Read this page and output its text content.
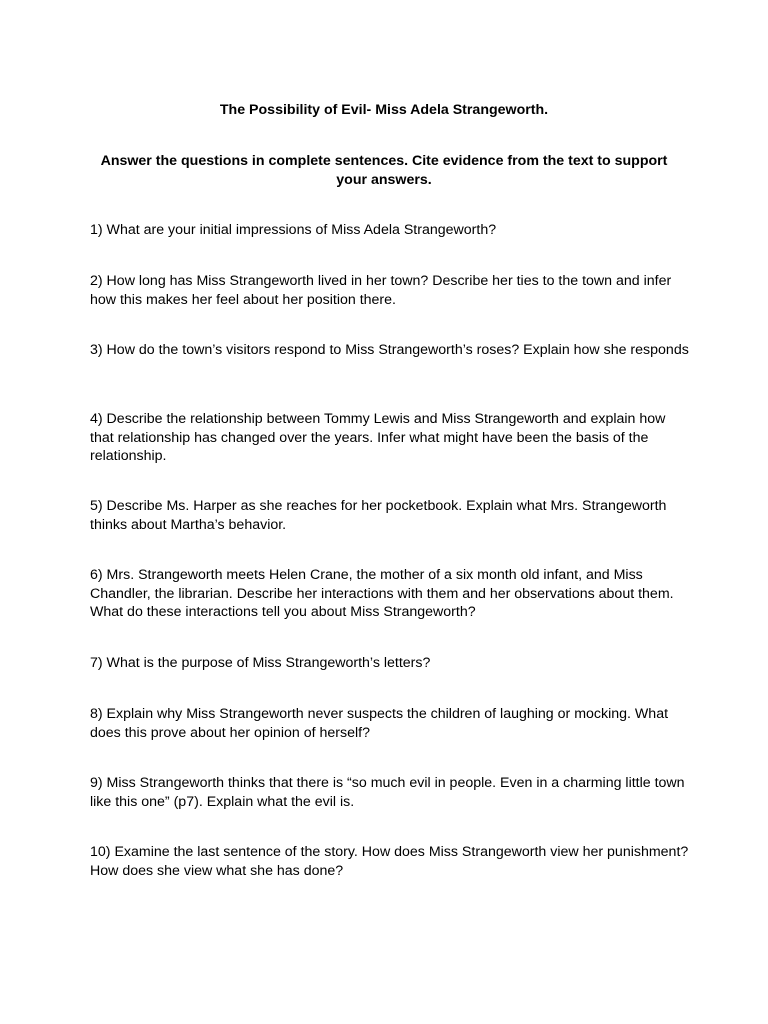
The Possibility of Evil- Miss Adela Strangeworth.
Answer the questions in complete sentences. Cite evidence from the text to support your answers.
1) What are your initial impressions of Miss Adela Strangeworth?
2) How long has Miss Strangeworth lived in her town? Describe her ties to the town and infer how this makes her feel about her position there.
3) How do the town’s visitors respond to Miss Strangeworth’s roses? Explain how she responds
4) Describe the relationship between Tommy Lewis and Miss Strangeworth and explain how that relationship has changed over the years. Infer what might have been the basis of the relationship.
5) Describe Ms. Harper as she reaches for her pocketbook. Explain what Mrs. Strangeworth thinks about Martha’s behavior.
6) Mrs. Strangeworth meets Helen Crane, the mother of a six month old infant, and Miss Chandler, the librarian. Describe her interactions with them and her observations about them. What do these interactions tell you about Miss Strangeworth?
7) What is the purpose of Miss Strangeworth’s letters?
8) Explain why Miss Strangeworth never suspects the children of laughing or mocking. What does this prove about her opinion of herself?
9) Miss Strangeworth thinks that there is “so much evil in people. Even in a charming little town like this one” (p7). Explain what the evil is.
10) Examine the last sentence of the story. How does Miss Strangeworth view her punishment? How does she view what she has done?
